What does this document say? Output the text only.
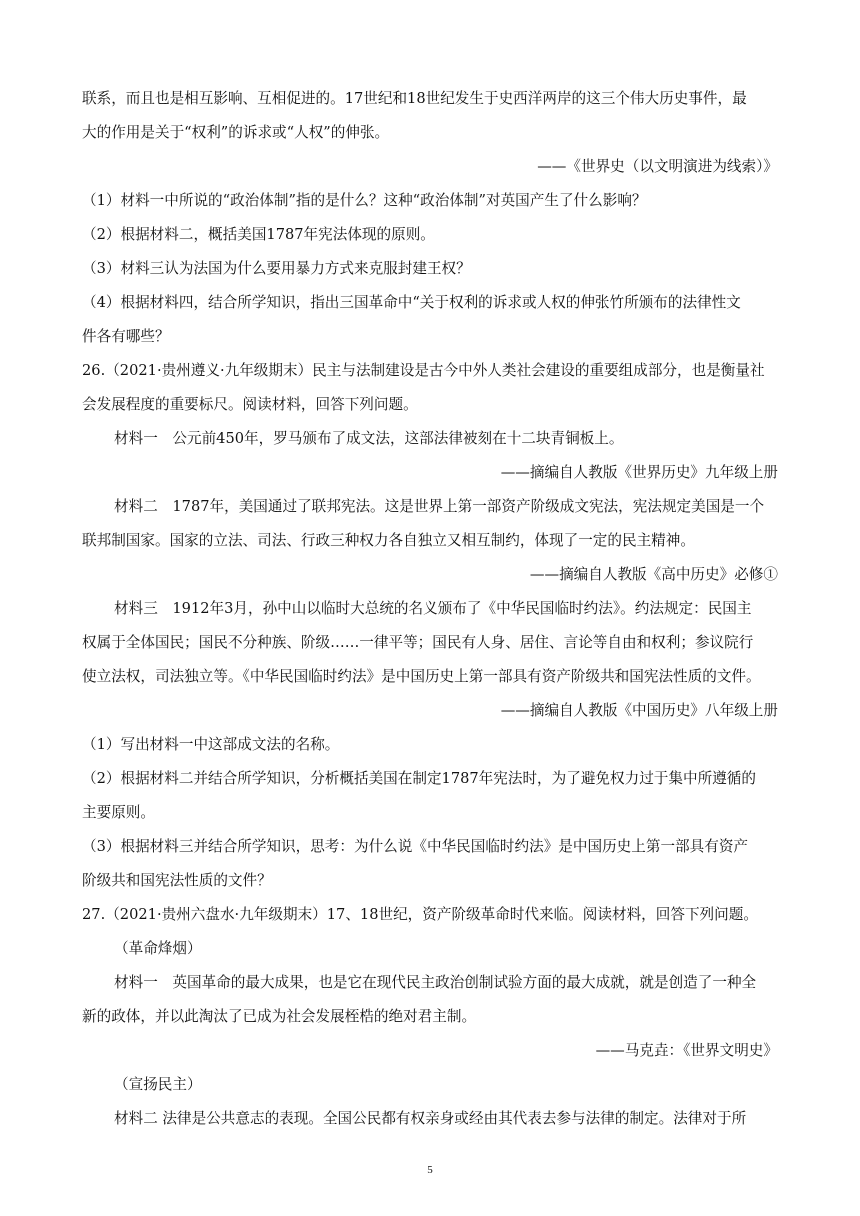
联系，而且也是相互影响、互相促进的。17世纪和18世纪发生于史西洋两岸的这三个伟大历史事件，最
大的作用是关于“权利”的诉求或“人权”的伸张。
——《世界史（以文明演进为线索）》
（1）材料一中所说的“政治体制”指的是什么？这种“政治体制”对英国产生了什么影响？
（2）根据材料二，概括美国1787年宪法体现的原则。
（3）材料三认为法国为什么要用暴力方式来克服封建王权？
（4）根据材料四，结合所学知识，指出三国革命中“关于权利的诉求或人权的伸张竹所颁布的法律性文
件各有哪些？
26.（2021·贵州遵义·九年级期末）民主与法制建设是古今中外人类社会建设的重要组成部分，也是衡量社
会发展程度的重要标尺。阅读材料，回答下列问题。
材料一　公元前450年，罗马颁布了成文法，这部法律被刻在十二块青铜板上。
——摘编自人教版《世界历史》九年级上册
材料二　1787年，美国通过了联邦宪法。这是世界上第一部资产阶级成文宪法，宪法规定美国是一个
联邦制国家。国家的立法、司法、行政三种权力各自独立又相互制约，体现了一定的民主精神。
——摘编自人教版《高中历史》必修①
材料三　1912年3月，孙中山以临时大总统的名义颁布了《中华民国临时约法》。约法规定：民国主
权属于全体国民；国民不分种族、阶级……一律平等；国民有人身、居住、言论等自由和权利；参议院行
使立法权，司法独立等。《中华民国临时约法》是中国历史上第一部具有资产阶级共和国宪法性质的文件。
——摘编自人教版《中国历史》八年级上册
（1）写出材料一中这部成文法的名称。
（2）根据材料二并结合所学知识，分析概括美国在制定1787年宪法时，为了避免权力过于集中所遵循的
主要原则。
（3）根据材料三并结合所学知识，思考：为什么说《中华民国临时约法》是中国历史上第一部具有资产
阶级共和国宪法性质的文件？
27.（2021·贵州六盘水·九年级期末）17、18世纪，资产阶级革命时代来临。阅读材料，回答下列问题。
（革命烽烟）
材料一　英国革命的最大成果，也是它在现代民主政治创制试验方面的最大成就，就是创造了一种全
新的政体，并以此淘汰了已成为社会发展桎梏的绝对君主制。
——马克垚：《世界文明史》
（宣扬民主）
材料二 法律是公共意志的表现。全国公民都有权亲身或经由其代表去参与法律的制定。法律对于所
5
